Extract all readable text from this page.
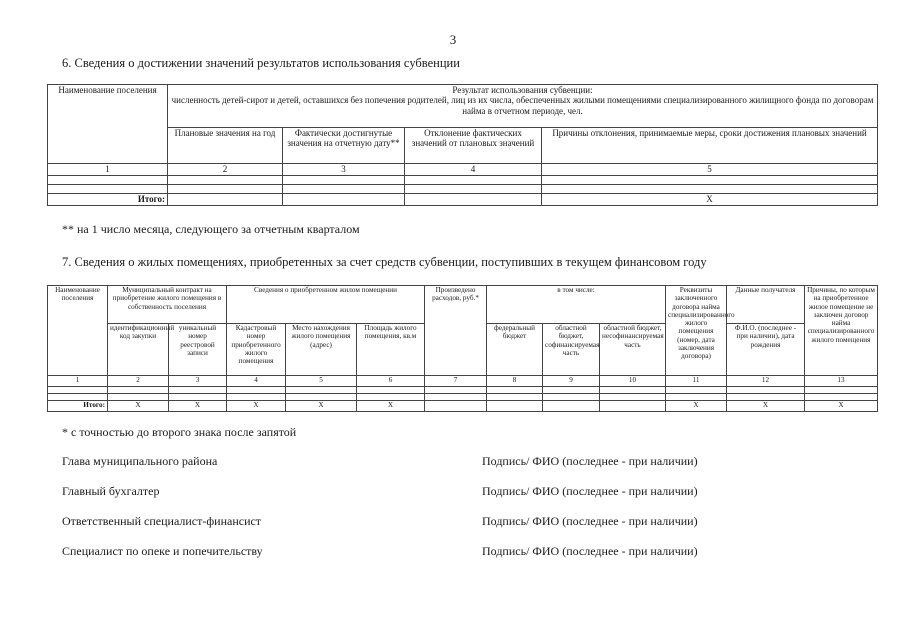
3
6. Сведения о достижении значений результатов использования субвенции
Наименование поселения	Результат использования субвенции:
численность детей-сирот и детей, оставшихся без попечения родителей, лиц из их числа, обеспеченных жилыми помещениями специализированного жилищного фонда по договорам найма в отчетном периоде, чел.			

	Плановые значения на год	Фактически достигнутые значения на отчетную дату**	Отклонение фактических значений от плановых значений	Причины отклонения, принимаемые меры, сроки достижения плановых значений
1	2	3	4	5

Итого:				X
** на 1 число месяца, следующего за отчетным кварталом
7. Сведения о жилых помещениях, приобретенных за счет средств субвенции, поступивших в текущем финансовом году
Наименование поселения	Муниципальный контракт на приобретение жилого помещения в собственность поселения		Сведения о приобретенном жилом помещении			Произведено расходов, руб.*	в том числе:			Реквизиты заключенного договора найма специализированного жилого помещения (номер, дата заключения договора)	Данные получателя	Причины, по которым на приобретенное жилое помещение не заключен договор найма специализированного жилого помещения
	идентификационный код закупки	уникальный номер реестровой записи	Кадастровый номер приобретенного жилого помещения	Место нахождения жилого помещения (адрес)	Площадь жилого помещения, кв.м		федеральный бюджет	областной бюджет, софинансируемая часть	областной бюджет, несофинансируемая часть		Ф.И.О. (последнее - при наличии), дата рождения	
1	2	3	4	5	6	7	8	9	10	11	12	13

Итого:	X	X	X	X	X					X	X	X
* с точностью до второго знака после запятой
Глава муниципального района	Подпись/ ФИО (последнее - при наличии)
Главный бухгалтер	Подпись/ ФИО (последнее - при наличии)
Ответственный специалист-финансист	Подпись/ ФИО (последнее - при наличии)
Специалист по опеке и попечительству	Подпись/ ФИО (последнее - при наличии)
